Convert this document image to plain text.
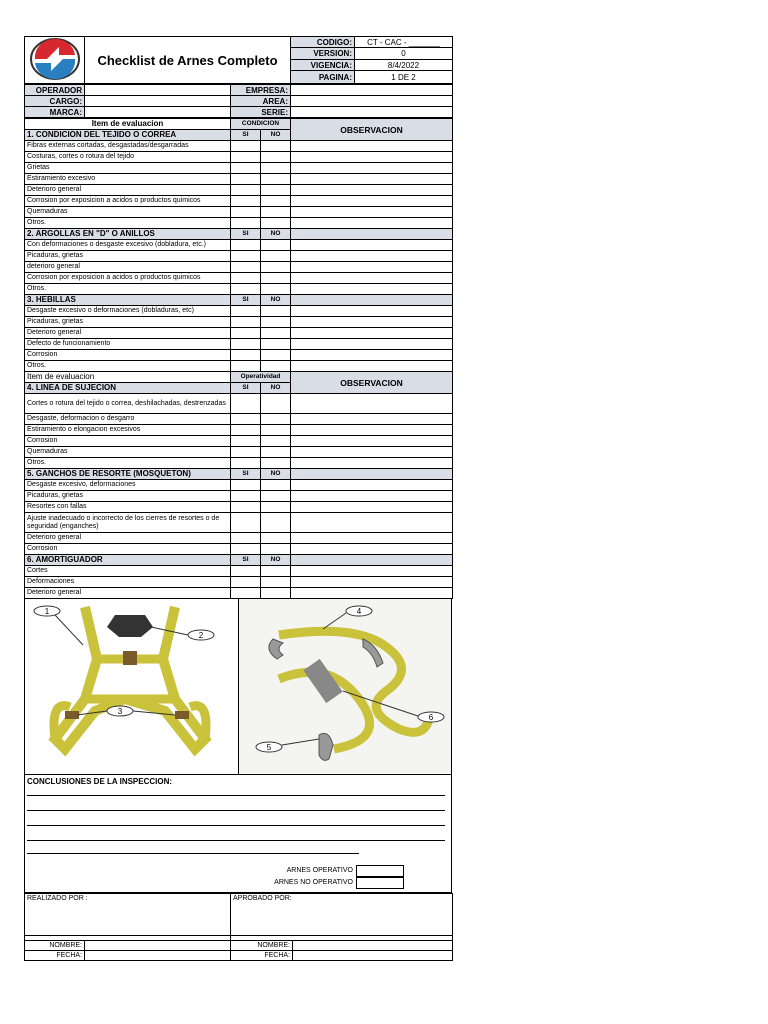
	Checklist de Arnes Completo	CODIGO:	CT - CAC - _______
		VERSION:	0
		VIGENCIA:	8/4/2022
		PAGINA:	1 DE 2
OPERADOR		EMPRESA:	
CARGO:		AREA:	
MARCA:		SERIE:	
Item de evaluacion	CONDICION		OBSERVACION
1. CONDICION DEL TEJIDO O CORREA	SI	NO	
Fibras externas cortadas, desgastadas/desgarradas			
Costuras, cortes o rotura del tejido			
Grietas			
Estiramiento excesivo			
Deterioro general			
Corrosion por exposicion a acidos o productos quimicos			
Quemaduras			
Otros.			
2. ARGOLLAS EN "D" O ANILLOS	SI	NO	
Con deformaciones o desgaste excesivo (dobladura, etc.)			
Picaduras, grietas			
deterioro general			
Corrosion por exposicion a acidos o productos quimicos			
Otros.			
3. HEBILLAS	SI	NO	
Desgaste excesivo o deformaciones (dobladuras, etc)			
Picaduras, grietas			
Deterioro general			
Defecto de funcionamiento			
Corrosion			
Otros.			
Item de evaluacion	Operatividad		OBSERVACION
4. LINEA DE SUJECION	SI	NO	
Cortes o rotura del tejido o correa, deshilachadas, destrenzadas			
Desgaste, deformacion o desgarro			
Estiramiento o elongacion excesivos			
Corrosion			
Quemaduras			
Otros.			
5. GANCHOS DE RESORTE (MOSQUETON)	SI	NO	
Desgaste excesivo, deformaciones			
Picaduras, grietas			
Resortes con fallas			
Ajuste inadecuado o incorrecto de los cierres de resortes o de seguridad (enganches)			
Deterioro general			
Corrosion			
6. AMORTIGUADOR	SI	NO	
Cortes			
Deformaciones			
Deterioro general			
1
2
3
4
5
6
CONCLUSIONES DE LA INSPECCION:
ARNES OPERATIVO
ARNES NO OPERATIVO
REALIZADO POR :		APROBADO POR:	

NOMBRE:		NOMBRE:	
FECHA:		FECHA:	
